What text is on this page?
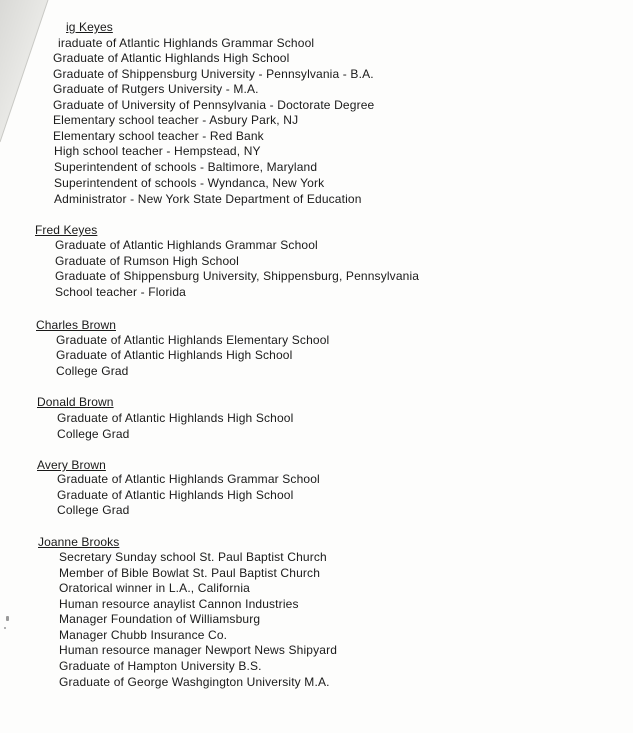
ig Keyes
iraduate of Atlantic Highlands Grammar School
Graduate of Atlantic Highlands High School
Graduate of Shippensburg University - Pennsylvania - B.A.
Graduate of Rutgers University - M.A.
Graduate of University of Pennsylvania - Doctorate Degree
Elementary school teacher - Asbury Park, NJ
Elementary school teacher - Red Bank
High school teacher - Hempstead, NY
Superintendent of schools - Baltimore, Maryland
Superintendent of schools - Wyndanca, New York
Administrator - New York State Department of Education
Fred Keyes
Graduate of Atlantic Highlands Grammar School
Graduate of Rumson High School
Graduate of Shippensburg University, Shippensburg, Pennsylvania
School teacher - Florida
Charles Brown
Graduate of Atlantic Highlands Elementary School
Graduate of Atlantic Highlands High School
College Grad
Donald Brown
Graduate of Atlantic Highlands High School
College Grad
Avery Brown
Graduate of Atlantic Highlands Grammar School
Graduate of Atlantic Highlands High School
College Grad
Joanne Brooks
Secretary Sunday school St. Paul Baptist Church
Member of Bible Bowlat St. Paul Baptist Church
Oratorical winner in L.A., California
Human resource anaylist Cannon Industries
Manager Foundation of Williamsburg
Manager Chubb Insurance Co.
Human resource manager Newport News Shipyard
Graduate of Hampton University B.S.
Graduate of George Washgington University M.A.
